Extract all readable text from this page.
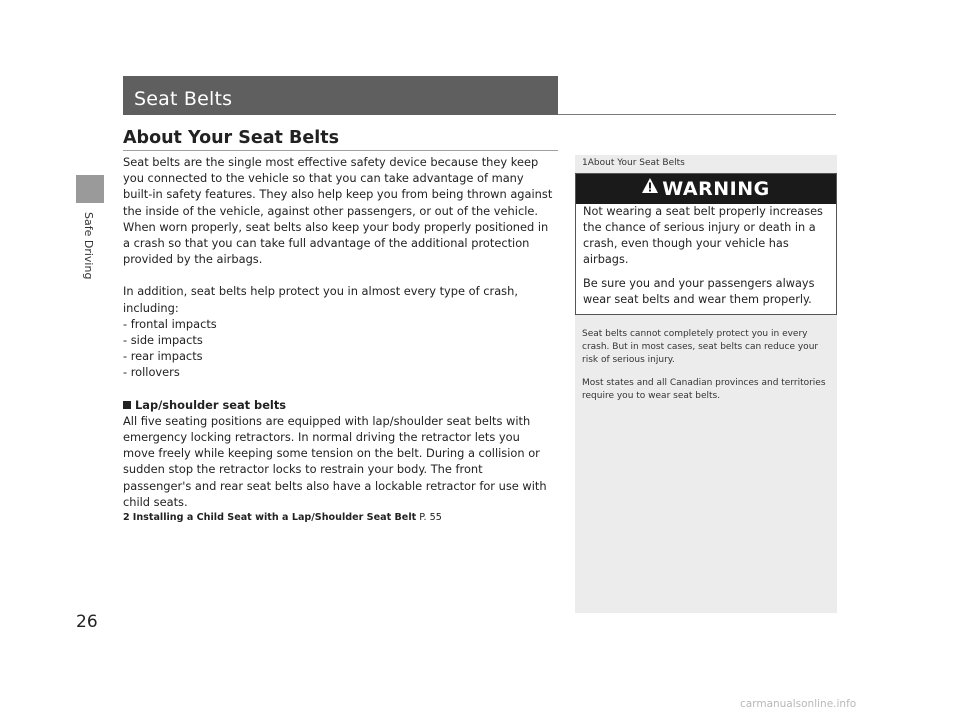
Safe Driving
26
Seat Belts
About Your Seat Belts

Seat belts are the single most effective safety device because they keep you connected to the vehicle so that you can take advantage of many built-in safety features. They also help keep you from being thrown against the inside of the vehicle, against other passengers, or out of the vehicle. When worn properly, seat belts also keep your body properly positioned in a crash so that you can take full advantage of the additional protection provided by the airbags.

In addition, seat belts help protect you in almost every type of crash, including:

- frontal impacts

- side impacts

- rear impacts

- rollovers

Lap/shoulder seat belts

All five seating positions are equipped with lap/shoulder seat belts with emergency locking retractors. In normal driving the retractor lets you move freely while keeping some tension on the belt. During a collision or sudden stop the retractor locks to restrain your body. The front passenger's and rear seat belts also have a lockable retractor for use with child seats.

2 Installing a Child Seat with a Lap/Shoulder Seat Belt P. 55

1About Your Seat Belts
WARNING

Not wearing a seat belt properly increases the chance of serious injury or death in a crash, even though your vehicle has airbags.

Be sure you and your passengers always wear seat belts and wear them properly.

Seat belts cannot completely protect you in every crash. But in most cases, seat belts can reduce your risk of serious injury.

Most states and all Canadian provinces and territories require you to wear seat belts.

carmanualsonline.info
